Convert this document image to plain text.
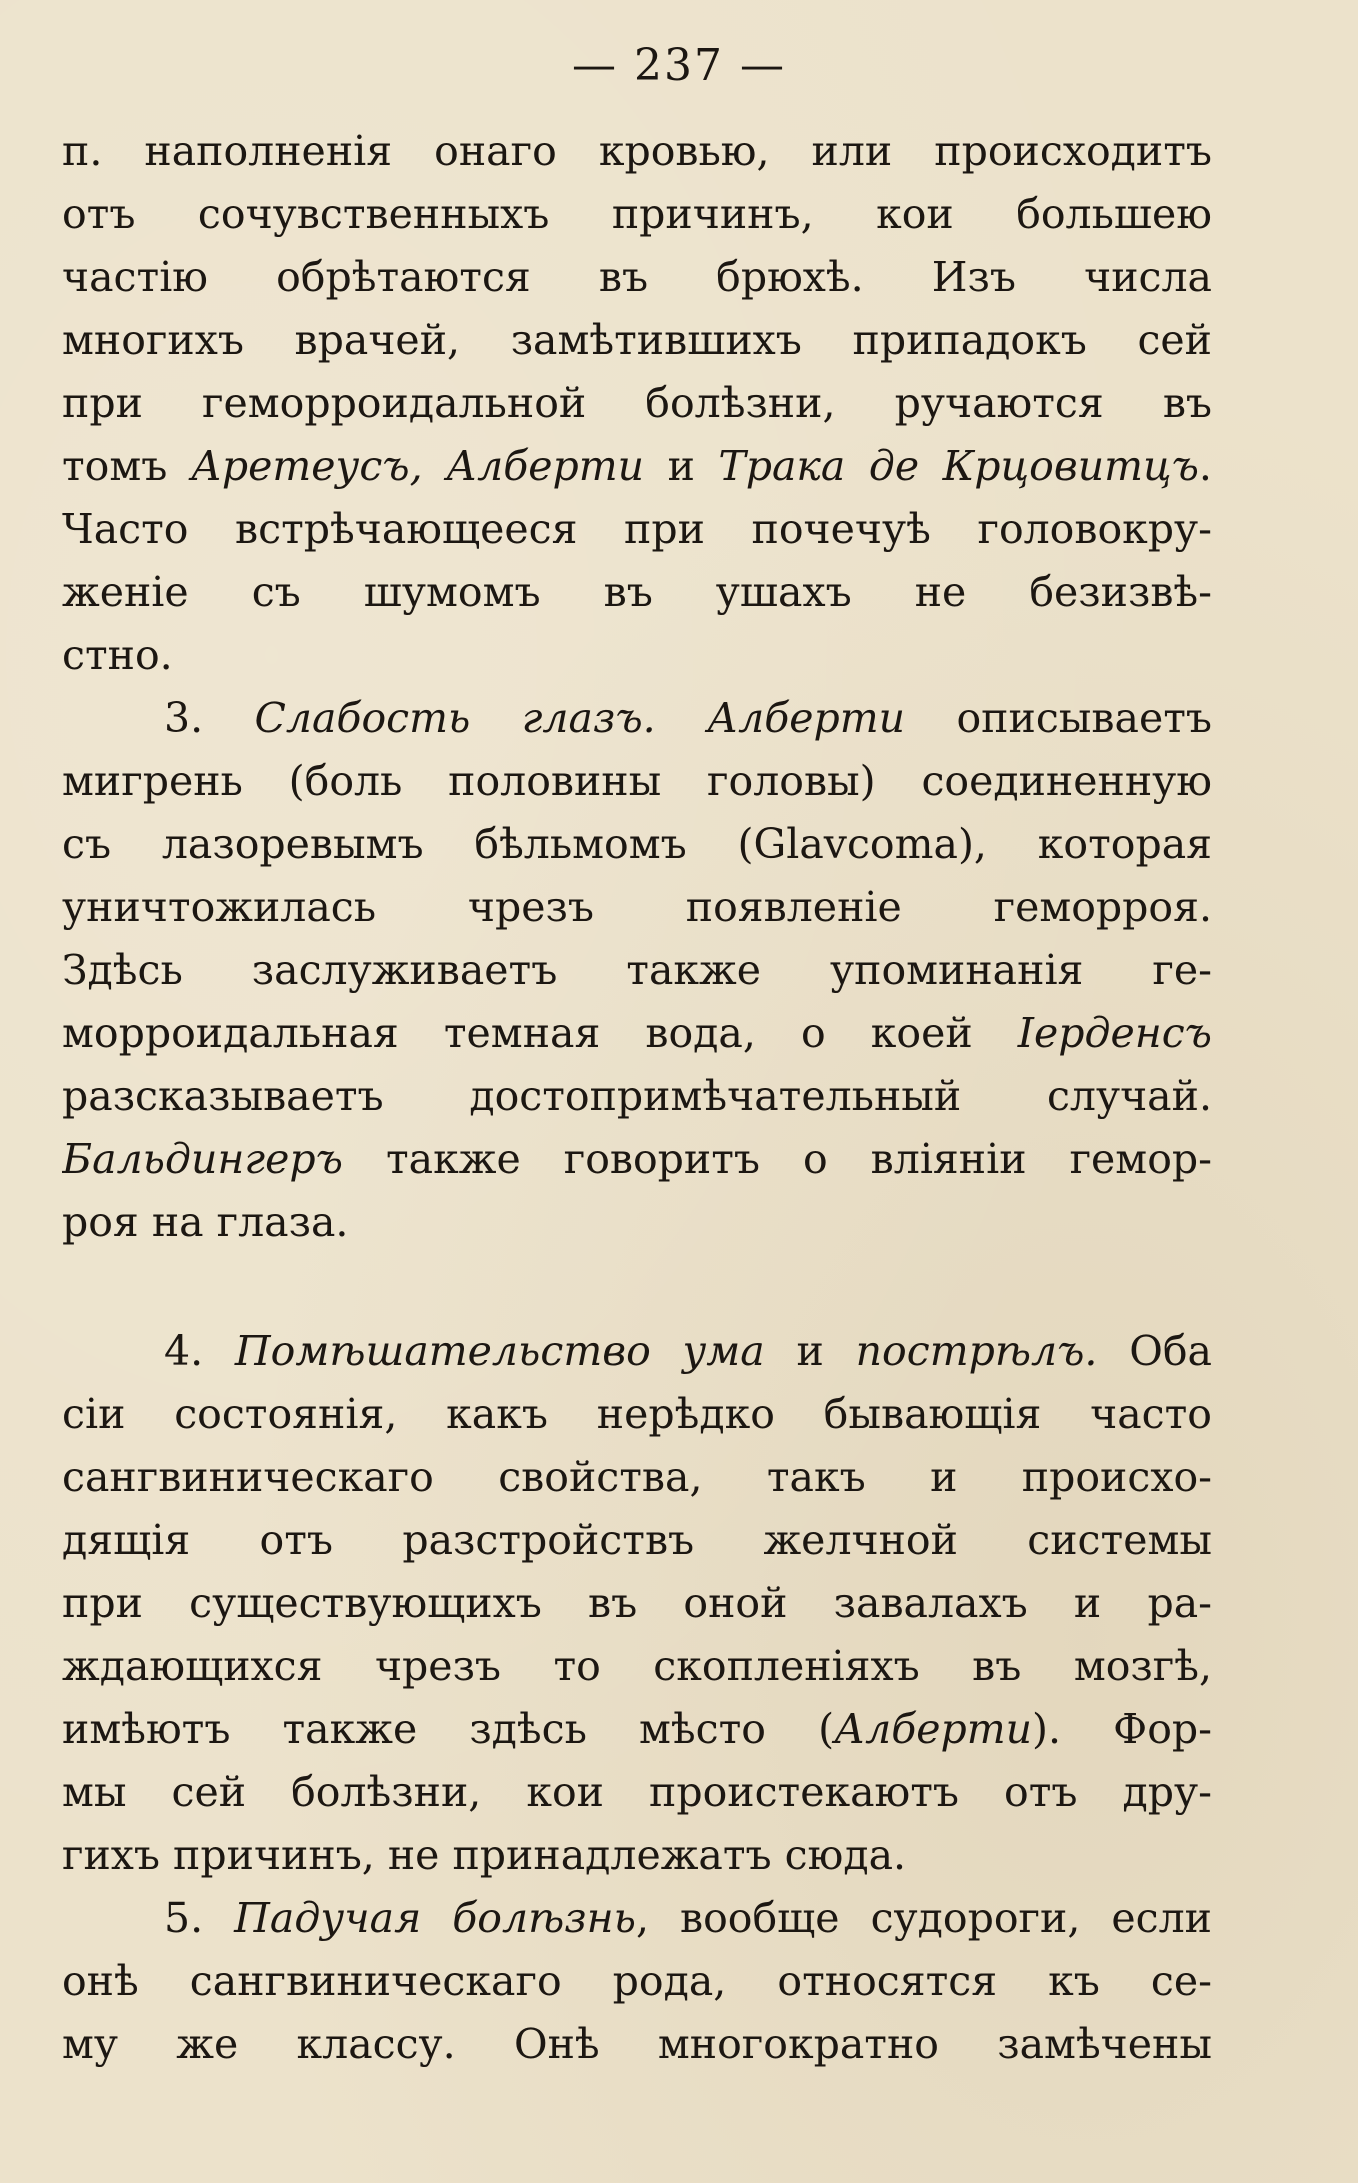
— 237 —
п. наполненія онаго кровью, или происходитъ
отъ сочувственныхъ причинъ, кои большею
частію обрѣтаются въ брюхѣ. Изъ числа
многихъ врачей, замѣтившихъ припадокъ сей
при геморроидальной болѣзни, ручаются въ
томъ Аретеусъ, Алберти и Трака де Крцовитцъ.
Часто встрѣчающееся при почечуѣ головокру-
женіе съ шумомъ въ ушахъ не безизвѣ-
стно.
3. Слабость глазъ. Алберти описываетъ
мигрень (боль половины головы) соединенную
съ лазоревымъ бѣльмомъ (Glavcoma), которая
уничтожилась чрезъ появленіе геморроя.
Здѣсь заслуживаетъ также упоминанія ге-
морроидальная темная вода, о коей Іерденсъ
разсказываетъ достопримѣчательный случай.
Бальдингеръ также говоритъ о вліяніи гемор-
роя на глаза.
4. Помѣшательство ума и пострѣлъ. Оба
сіи состоянія, какъ нерѣдко бывающія часто
сангвиническаго свойства, такъ и происхо-
дящія отъ разстройствъ желчной системы
при существующихъ въ оной завалахъ и ра-
ждающихся чрезъ то скопленіяхъ въ мозгѣ,
имѣютъ также здѣсь мѣсто (Алберти). Фор-
мы сей болѣзни, кои проистекаютъ отъ дру-
гихъ причинъ, не принадлежатъ сюда.
5. Падучая болѣзнь, вообще судороги, если
онѣ сангвиническаго рода, относятся къ се-
му же классу. Онѣ многократно замѣчены
